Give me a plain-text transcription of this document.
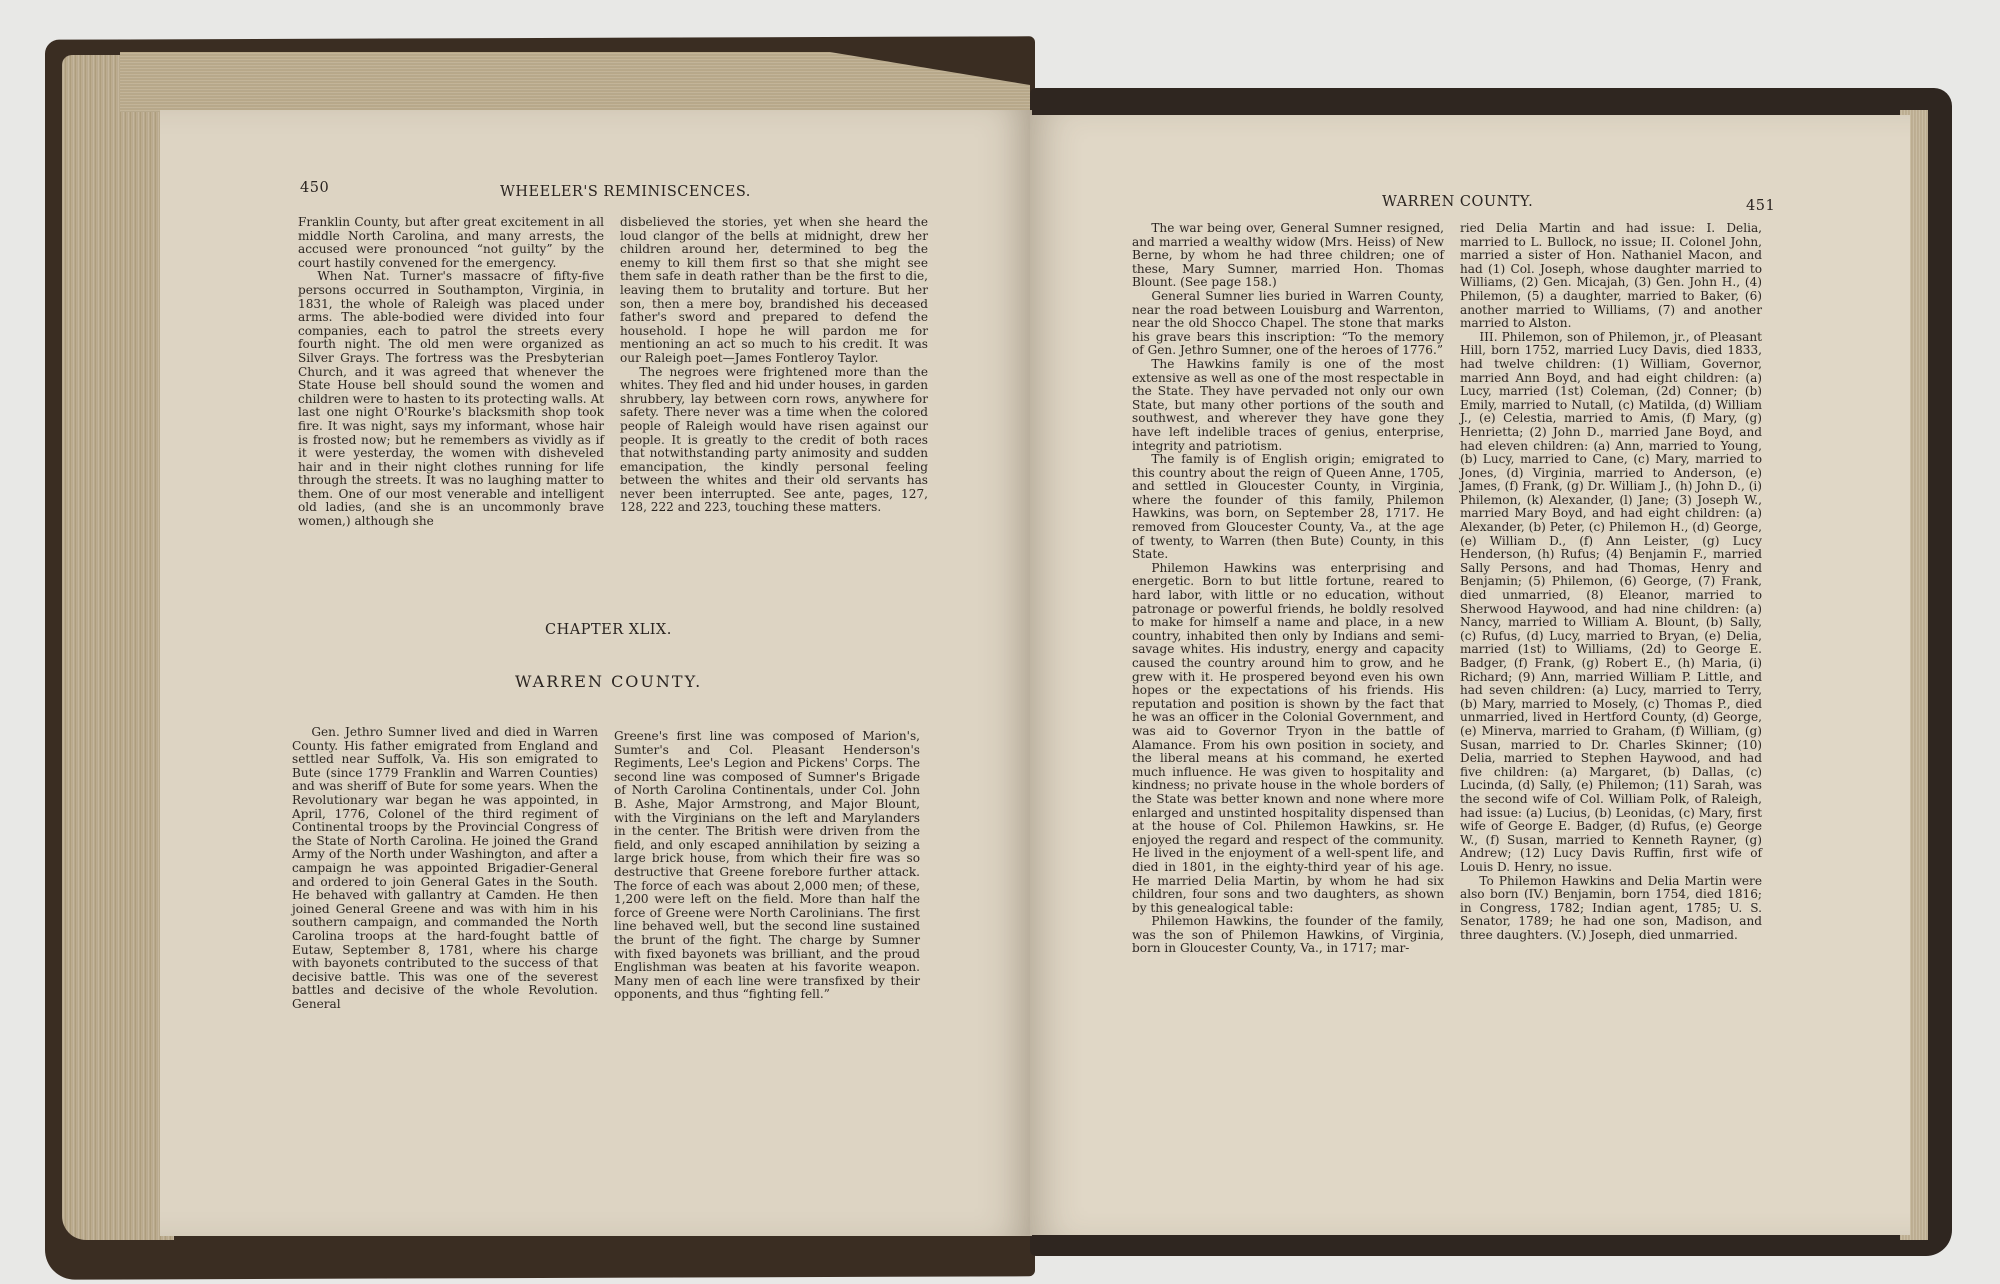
450	WHEELER'S REMINISCENCES.

Franklin County, but after great excitement in all middle North Carolina, and many arrests, the accused were pronounced “not guilty” by the court hastily convened for the emergency.

When Nat. Turner's massacre of fifty-five persons occurred in Southampton, Virginia, in 1831, the whole of Raleigh was placed under arms. The able-bodied were divided into four companies, each to patrol the streets every fourth night. The old men were organized as Silver Grays. The fortress was the Presbyterian Church, and it was agreed that whenever the State House bell should sound the women and children were to hasten to its protecting walls. At last one night O'Rourke's blacksmith shop took fire. It was night, says my informant, whose hair is frosted now; but he remembers as vividly as if it were yesterday, the women with disheveled hair and in their night clothes running for life through the streets. It was no laughing matter to them. One of our most venerable and intelligent old ladies, (and she is an uncommonly brave women,) although she

disbelieved the stories, yet when she heard the loud clangor of the bells at midnight, drew her children around her, determined to beg the enemy to kill them first so that she might see them safe in death rather than be the first to die, leaving them to brutality and torture. But her son, then a mere boy, brandished his deceased father's sword and prepared to defend the household. I hope he will pardon me for mentioning an act so much to his credit. It was our Raleigh poet—James Fontleroy Taylor.

The negroes were frightened more than the whites. They fled and hid under houses, in garden shrubbery, lay between corn rows, anywhere for safety. There never was a time when the colored people of Raleigh would have risen against our people. It is greatly to the credit of both races that notwithstanding party animosity and sudden emancipation, the kindly personal feeling between the whites and their old servants has never been interrupted. See ante, pages, 127, 128, 222 and 223, touching these matters.

CHAPTER XLIX.
WARREN COUNTY.

Gen. Jethro Sumner lived and died in Warren County. His father emigrated from England and settled near Suffolk, Va. His son emigrated to Bute (since 1779 Franklin and Warren Counties) and was sheriff of Bute for some years. When the Revolutionary war began he was appointed, in April, 1776, Colonel of the third regiment of Continental troops by the Provincial Congress of the State of North Carolina. He joined the Grand Army of the North under Washington, and after a campaign he was appointed Brigadier-General and ordered to join General Gates in the South. He behaved with gallantry at Camden. He then joined General Greene and was with him in his southern campaign, and commanded the North Carolina troops at the hard-fought battle of Eutaw, September 8, 1781, where his charge with bayonets contributed to the success of that decisive battle. This was one of the severest battles and decisive of the whole Revolution. General

Greene's first line was composed of Marion's, Sumter's and Col. Pleasant Henderson's Regiments, Lee's Legion and Pickens' Corps. The second line was composed of Sumner's Brigade of North Carolina Continentals, under Col. John B. Ashe, Major Armstrong, and Major Blount, with the Virginians on the left and Marylanders in the center. The British were driven from the field, and only escaped annihilation by seizing a large brick house, from which their fire was so destructive that Greene forebore further attack. The force of each was about 2,000 men; of these, 1,200 were left on the field. More than half the force of Greene were North Carolinians. The first line behaved well, but the second line sustained the brunt of the fight. The charge by Sumner with fixed bayonets was brilliant, and the proud Englishman was beaten at his favorite weapon. Many men of each line were transfixed by their opponents, and thus “fighting fell.”

WARREN COUNTY.	451

The war being over, General Sumner resigned, and married a wealthy widow (Mrs. Heiss) of New Berne, by whom he had three children; one of these, Mary Sumner, married Hon. Thomas Blount. (See page 158.)

General Sumner lies buried in Warren County, near the road between Louisburg and Warrenton, near the old Shocco Chapel. The stone that marks his grave bears this inscription: “To the memory of Gen. Jethro Sumner, one of the heroes of 1776.”

The Hawkins family is one of the most extensive as well as one of the most respectable in the State. They have pervaded not only our own State, but many other portions of the south and southwest, and wherever they have gone they have left indelible traces of genius, enterprise, integrity and patriotism.

The family is of English origin; emigrated to this country about the reign of Queen Anne, 1705, and settled in Gloucester County, in Virginia, where the founder of this family, Philemon Hawkins, was born, on September 28, 1717. He removed from Gloucester County, Va., at the age of twenty, to Warren (then Bute) County, in this State.

Philemon Hawkins was enterprising and energetic. Born to but little fortune, reared to hard labor, with little or no education, without patronage or powerful friends, he boldly resolved to make for himself a name and place, in a new country, inhabited then only by Indians and semi-savage whites. His industry, energy and capacity caused the country around him to grow, and he grew with it. He prospered beyond even his own hopes or the expectations of his friends. His reputation and position is shown by the fact that he was an officer in the Colonial Government, and was aid to Governor Tryon in the battle of Alamance. From his own position in society, and the liberal means at his command, he exerted much influence. He was given to hospitality and kindness; no private house in the whole borders of the State was better known and none where more enlarged and unstinted hospitality dispensed than at the house of Col. Philemon Hawkins, sr. He enjoyed the regard and respect of the community. He lived in the enjoyment of a well-spent life, and died in 1801, in the eighty-third year of his age. He married Delia Martin, by whom he had six children, four sons and two daughters, as shown by this genealogical table:

Philemon Hawkins, the founder of the family, was the son of Philemon Hawkins, of Virginia, born in Gloucester County, Va., in 1717; mar-

ried Delia Martin and had issue: I. Delia, married to L. Bullock, no issue; II. Colonel John, married a sister of Hon. Nathaniel Macon, and had (1) Col. Joseph, whose daughter married to Williams, (2) Gen. Micajah, (3) Gen. John H., (4) Philemon, (5) a daughter, married to Baker, (6) another married to Williams, (7) and another married to Alston.

III. Philemon, son of Philemon, jr., of Pleasant Hill, born 1752, married Lucy Davis, died 1833, had twelve children: (1) William, Governor, married Ann Boyd, and had eight children: (a) Lucy, married (1st) Coleman, (2d) Conner; (b) Emily, married to Nutall, (c) Matilda, (d) William J., (e) Celestia, married to Amis, (f) Mary, (g) Henrietta; (2) John D., married Jane Boyd, and had eleven children: (a) Ann, married to Young, (b) Lucy, married to Cane, (c) Mary, married to Jones, (d) Virginia, married to Anderson, (e) James, (f) Frank, (g) Dr. William J., (h) John D., (i) Philemon, (k) Alexander, (l) Jane; (3) Joseph W., married Mary Boyd, and had eight children: (a) Alexander, (b) Peter, (c) Philemon H., (d) George, (e) William D., (f) Ann Leister, (g) Lucy Henderson, (h) Rufus; (4) Benjamin F., married Sally Persons, and had Thomas, Henry and Benjamin; (5) Philemon, (6) George, (7) Frank, died unmarried, (8) Eleanor, married to Sherwood Haywood, and had nine children: (a) Nancy, married to William A. Blount, (b) Sally, (c) Rufus, (d) Lucy, married to Bryan, (e) Delia, married (1st) to Williams, (2d) to George E. Badger, (f) Frank, (g) Robert E., (h) Maria, (i) Richard; (9) Ann, married William P. Little, and had seven children: (a) Lucy, married to Terry, (b) Mary, married to Mosely, (c) Thomas P., died unmarried, lived in Hertford County, (d) George, (e) Minerva, married to Graham, (f) William, (g) Susan, married to Dr. Charles Skinner; (10) Delia, married to Stephen Haywood, and had five children: (a) Margaret, (b) Dallas, (c) Lucinda, (d) Sally, (e) Philemon; (11) Sarah, was the second wife of Col. William Polk, of Raleigh, had issue: (a) Lucius, (b) Leonidas, (c) Mary, first wife of George E. Badger, (d) Rufus, (e) George W., (f) Susan, married to Kenneth Rayner, (g) Andrew; (12) Lucy Davis Ruffin, first wife of Louis D. Henry, no issue.

To Philemon Hawkins and Delia Martin were also born (IV.) Benjamin, born 1754, died 1816; in Congress, 1782; Indian agent, 1785; U. S. Senator, 1789; he had one son, Madison, and three daughters. (V.) Joseph, died unmarried.
